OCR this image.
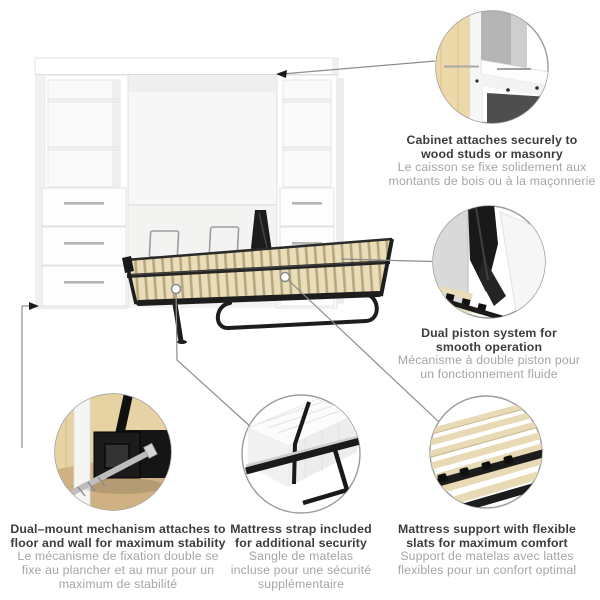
Cabinet attaches securely to
wood studs or masonry
Le caisson se fixe solidement aux
montants de bois ou à la maçonnerie
Dual piston system for
smooth operation
Mécanisme à double piston pour
un fonctionnement fluide
Dual–mount mechanism attaches to
floor and wall for maximum stability
Le mécanisme de fixation double se
fixe au plancher et au mur pour un
maximum de stabilité
Mattress strap included
for additional security
Sangle de matelas
incluse pour une sécurité
supplémentaire
Mattress support with flexible
slats for maximum comfort
Support de matelas avec lattes
flexibles pour un confort optimal
